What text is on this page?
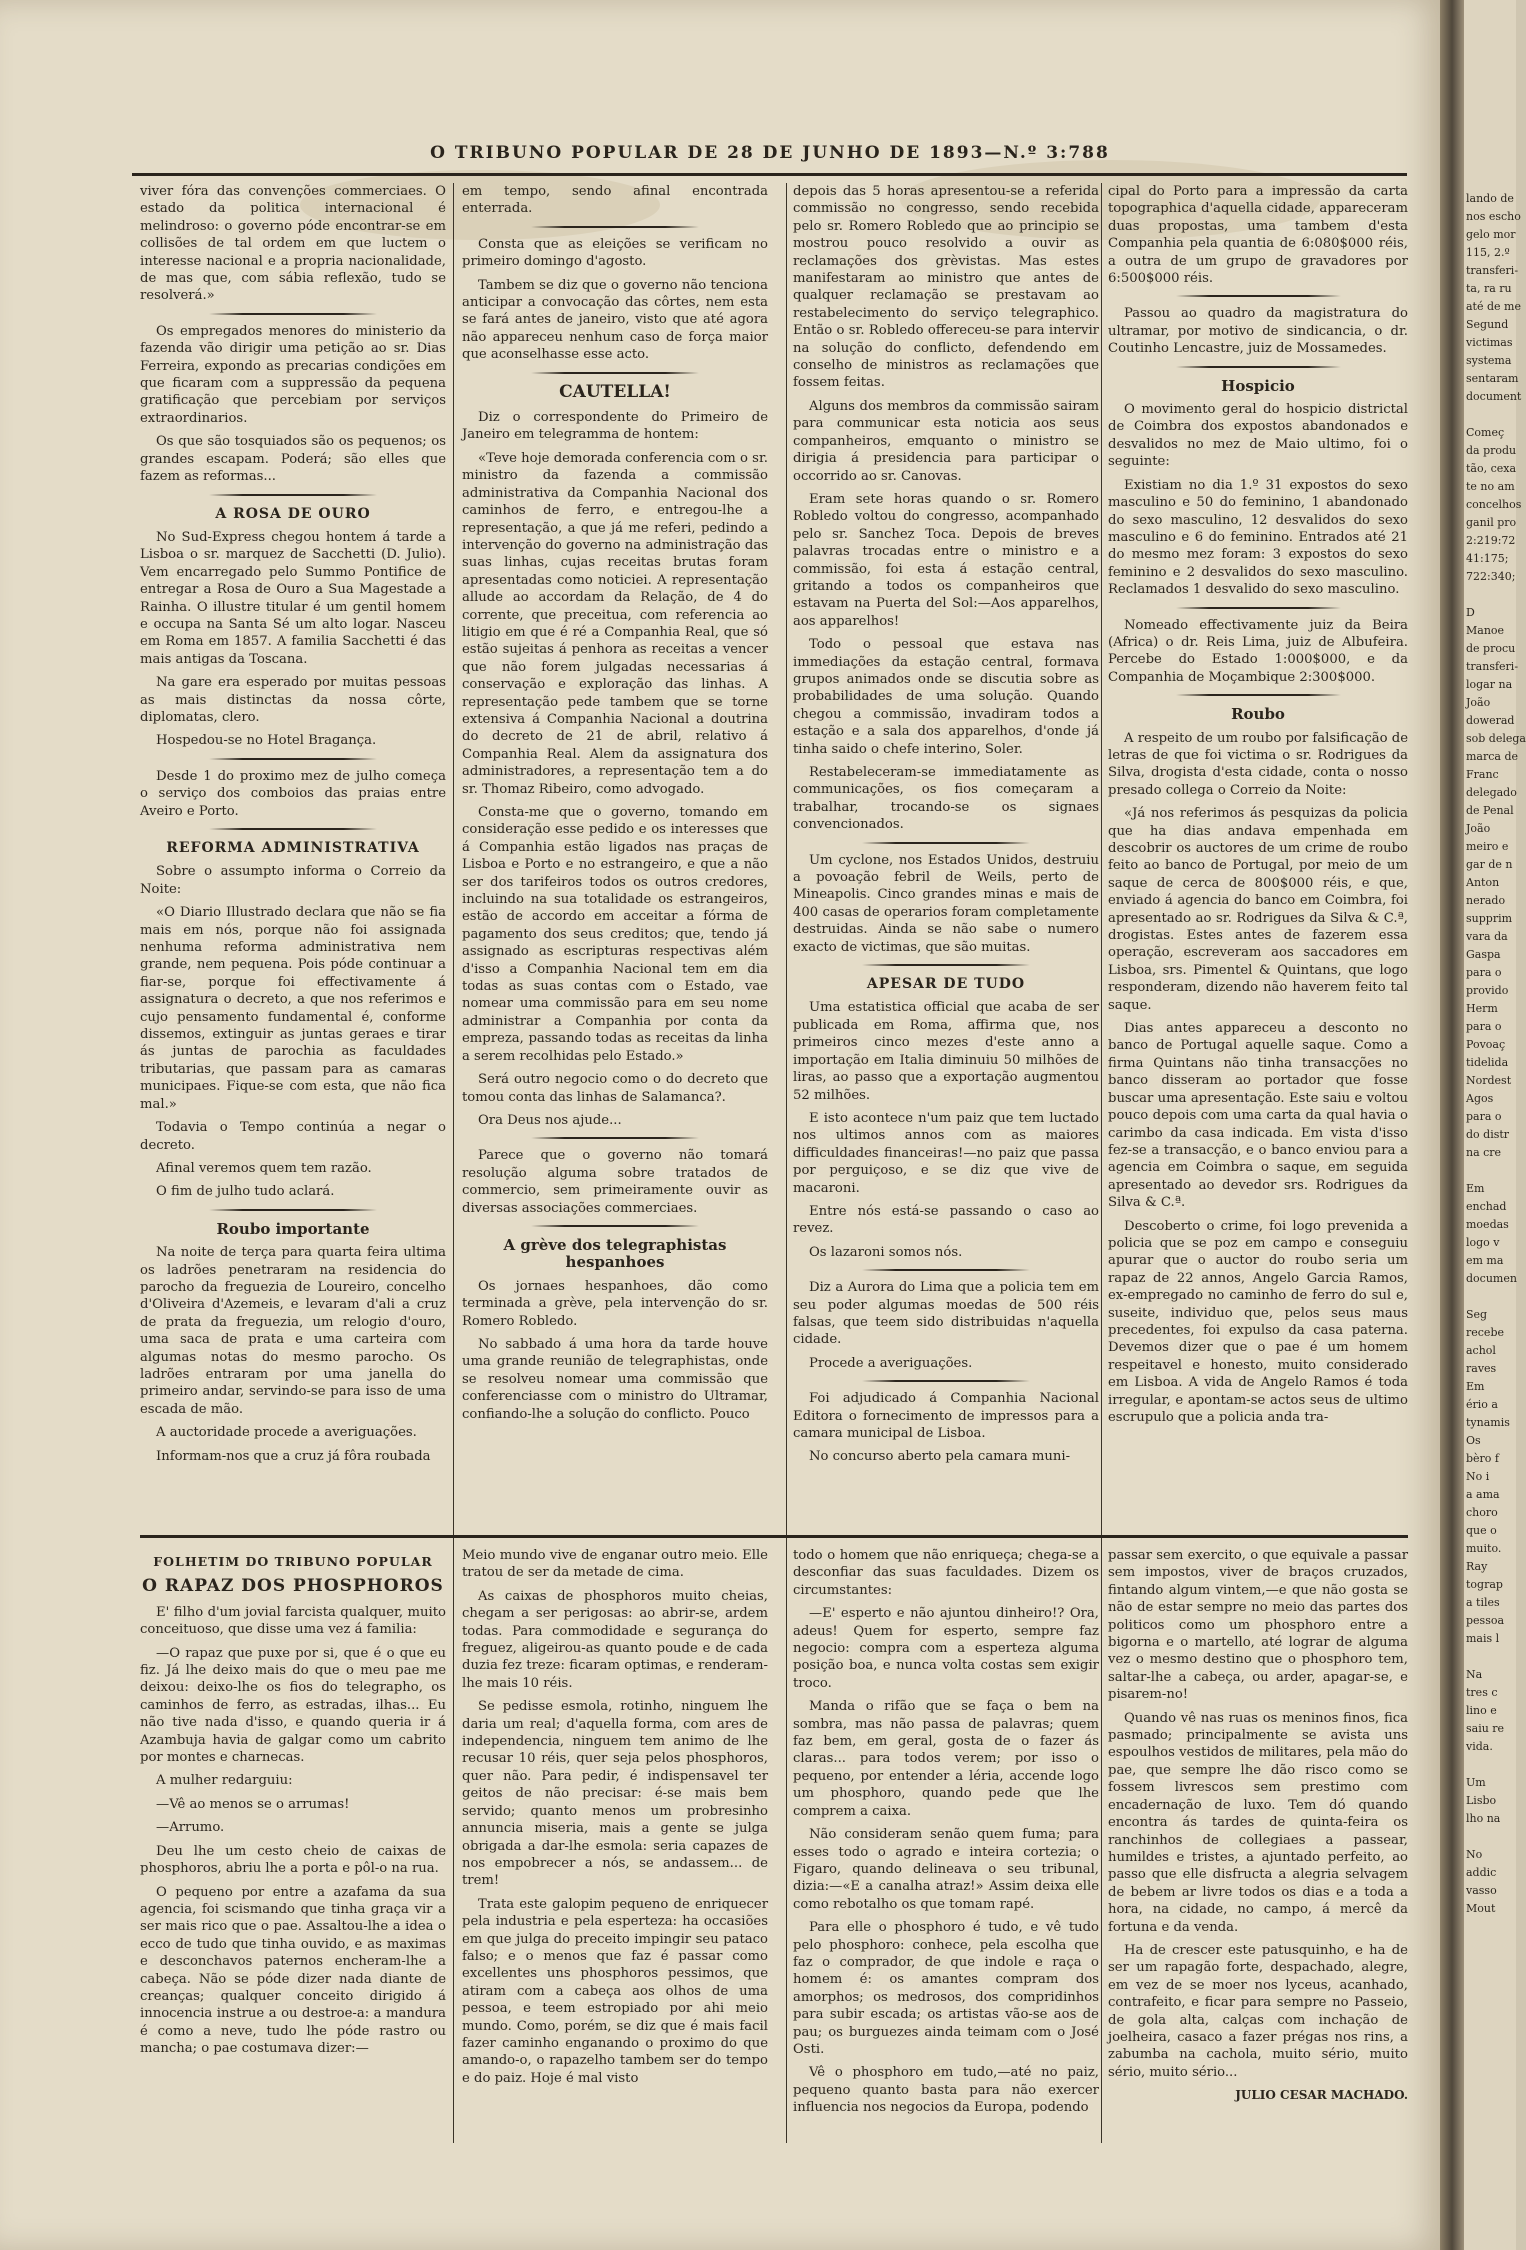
O TRIBUNO POPULAR DE 28 DE JUNHO DE 1893—N.º 3:788

viver fóra das convenções commerciaes. O estado da politica internacional é melindroso: o governo póde encontrar-se em collisões de tal ordem em que luctem o interesse nacional e a propria nacionalidade, de mas que, com sábia reflexão, tudo se resolverá.»

Os empregados menores do ministerio da fazenda vão dirigir uma petição ao sr. Dias Ferreira, expondo as precarias condições em que ficaram com a suppressão da pequena gratificação que percebiam por serviços extraordinarios.

Os que são tosquiados são os pequenos; os grandes escapam. Poderá; são elles que fazem as reformas...

A ROSA DE OURO

No Sud-Express chegou hontem á tarde a Lisboa o sr. marquez de Sacchetti (D. Julio). Vem encarregado pelo Summo Pontifice de entregar a Rosa de Ouro a Sua Magestade a Rainha. O illustre titular é um gentil homem e occupa na Santa Sé um alto logar. Nasceu em Roma em 1857. A familia Sacchetti é das mais antigas da Toscana.

Na gare era esperado por muitas pessoas as mais distinctas da nossa côrte, diplomatas, clero.

Hospedou-se no Hotel Bragança.

Desde 1 do proximo mez de julho começa o serviço dos comboios das praias entre Aveiro e Porto.

REFORMA ADMINISTRATIVA

Sobre o assumpto informa o Correio da Noite:

«O Diario Illustrado declara que não se fia mais em nós, porque não foi assignada nenhuma reforma administrativa nem grande, nem pequena. Pois póde continuar a fiar-se, porque foi effectivamente á assignatura o decreto, a que nos referimos e cujo pensamento fundamental é, conforme dissemos, extinguir as juntas geraes e tirar ás juntas de parochia as faculdades tributarias, que passam para as camaras municipaes. Fique-se com esta, que não fica mal.»

Todavia o Tempo continúa a negar o decreto.

Afinal veremos quem tem razão.

O fim de julho tudo aclará.

Roubo importante

Na noite de terça para quarta feira ultima os ladrões penetraram na residencia do parocho da freguezia de Loureiro, concelho d'Oliveira d'Azemeis, e levaram d'ali a cruz de prata da freguezia, um relogio d'ouro, uma saca de prata e uma carteira com algumas notas do mesmo parocho. Os ladrões entraram por uma janella do primeiro andar, servindo-se para isso de uma escada de mão.

A auctoridade procede a averiguações.

Informam-nos que a cruz já fôra roubada

em tempo, sendo afinal encontrada enterrada.

Consta que as eleições se verificam no primeiro domingo d'agosto.

Tambem se diz que o governo não tenciona anticipar a convocação das côrtes, nem esta se fará antes de janeiro, visto que até agora não appareceu nenhum caso de força maior que aconselhasse esse acto.

CAUTELLA!

Diz o correspondente do Primeiro de Janeiro em telegramma de hontem:

«Teve hoje demorada conferencia com o sr. ministro da fazenda a commissão administrativa da Companhia Nacional dos caminhos de ferro, e entregou-lhe a representação, a que já me referi, pedindo a intervenção do governo na administração das suas linhas, cujas receitas brutas foram apresentadas como noticiei. A representação allude ao accordam da Relação, de 4 do corrente, que preceitua, com referencia ao litigio em que é ré a Companhia Real, que só estão sujeitas á penhora as receitas a vencer que não forem julgadas necessarias á conservação e exploração das linhas. A representação pede tambem que se torne extensiva á Companhia Nacional a doutrina do decreto de 21 de abril, relativo á Companhia Real. Alem da assignatura dos administradores, a representação tem a do sr. Thomaz Ribeiro, como advogado.

Consta-me que o governo, tomando em consideração esse pedido e os interesses que á Companhia estão ligados nas praças de Lisboa e Porto e no estrangeiro, e que a não ser dos tarifeiros todos os outros credores, incluindo na sua totalidade os estrangeiros, estão de accordo em acceitar a fórma de pagamento dos seus creditos; que, tendo já assignado as escripturas respectivas além d'isso a Companhia Nacional tem em dia todas as suas contas com o Estado, vae nomear uma commissão para em seu nome administrar a Companhia por conta da empreza, passando todas as receitas da linha a serem recolhidas pelo Estado.»

Será outro negocio como o do decreto que tomou conta das linhas de Salamanca?.

Ora Deus nos ajude...

Parece que o governo não tomará resolução alguma sobre tratados de commercio, sem primeiramente ouvir as diversas associações commerciaes.

A grève dos telegraphistas hespanhoes

Os jornaes hespanhoes, dão como terminada a grève, pela intervenção do sr. Romero Robledo.

No sabbado á uma hora da tarde houve uma grande reunião de telegraphistas, onde se resolveu nomear uma commissão que conferenciasse com o ministro do Ultramar, confiando-lhe a solução do conflicto. Pouco

depois das 5 horas apresentou-se a referida commissão no congresso, sendo recebida pelo sr. Romero Robledo que ao principio se mostrou pouco resolvido a ouvir as reclamações dos grèvistas. Mas estes manifestaram ao ministro que antes de qualquer reclamação se prestavam ao restabelecimento do serviço telegraphico. Então o sr. Robledo offereceu-se para intervir na solução do conflicto, defendendo em conselho de ministros as reclamações que fossem feitas.

Alguns dos membros da commissão sairam para communicar esta noticia aos seus companheiros, emquanto o ministro se dirigia á presidencia para participar o occorrido ao sr. Canovas.

Eram sete horas quando o sr. Romero Robledo voltou do congresso, acompanhado pelo sr. Sanchez Toca. Depois de breves palavras trocadas entre o ministro e a commissão, foi esta á estação central, gritando a todos os companheiros que estavam na Puerta del Sol:—Aos apparelhos, aos apparelhos!

Todo o pessoal que estava nas immediações da estação central, formava grupos animados onde se discutia sobre as probabilidades de uma solução. Quando chegou a commissão, invadiram todos a estação e a sala dos apparelhos, d'onde já tinha saido o chefe interino, Soler.

Restabeleceram-se immediatamente as communicações, os fios começaram a trabalhar, trocando-se os signaes convencionados.

Um cyclone, nos Estados Unidos, destruiu a povoação febril de Weils, perto de Mineapolis. Cinco grandes minas e mais de 400 casas de operarios foram completamente destruidas. Ainda se não sabe o numero exacto de victimas, que são muitas.

APESAR DE TUDO

Uma estatistica official que acaba de ser publicada em Roma, affirma que, nos primeiros cinco mezes d'este anno a importação em Italia diminuiu 50 milhões de liras, ao passo que a exportação augmentou 52 milhões.

E isto acontece n'um paiz que tem luctado nos ultimos annos com as maiores difficuldades financeiras!—no paiz que passa por perguiçoso, e se diz que vive de macaroni.

Entre nós está-se passando o caso ao revez.

Os lazaroni somos nós.

Diz a Aurora do Lima que a policia tem em seu poder algumas moedas de 500 réis falsas, que teem sido distribuidas n'aquella cidade.

Procede a averiguações.

Foi adjudicado á Companhia Nacional Editora o fornecimento de impressos para a camara municipal de Lisboa.

No concurso aberto pela camara muni-

cipal do Porto para a impressão da carta topographica d'aquella cidade, appareceram duas propostas, uma tambem d'esta Companhia pela quantia de 6:080$000 réis, a outra de um grupo de gravadores por 6:500$000 réis.

Passou ao quadro da magistratura do ultramar, por motivo de sindicancia, o dr. Coutinho Lencastre, juiz de Mossamedes.

Hospicio

O movimento geral do hospicio districtal de Coimbra dos expostos abandonados e desvalidos no mez de Maio ultimo, foi o seguinte:

Existiam no dia 1.º 31 expostos do sexo masculino e 50 do feminino, 1 abandonado do sexo masculino, 12 desvalidos do sexo masculino e 6 do feminino. Entrados até 21 do mesmo mez foram: 3 expostos do sexo feminino e 2 desvalidos do sexo masculino. Reclamados 1 desvalido do sexo masculino.

Nomeado effectivamente juiz da Beira (Africa) o dr. Reis Lima, juiz de Albufeira. Percebe do Estado 1:000$000, e da Companhia de Moçambique 2:300$000.

Roubo

A respeito de um roubo por falsificação de letras de que foi victima o sr. Rodrigues da Silva, drogista d'esta cidade, conta o nosso presado collega o Correio da Noite:

«Já nos referimos ás pesquizas da policia que ha dias andava empenhada em descobrir os auctores de um crime de roubo feito ao banco de Portugal, por meio de um saque de cerca de 800$000 réis, e que, enviado á agencia do banco em Coimbra, foi apresentado ao sr. Rodrigues da Silva & C.ª, drogistas. Estes antes de fazerem essa operação, escreveram aos saccadores em Lisboa, srs. Pimentel & Quintans, que logo responderam, dizendo não haverem feito tal saque.

Dias antes appareceu a desconto no banco de Portugal aquelle saque. Como a firma Quintans não tinha transacções no banco disseram ao portador que fosse buscar uma apresentação. Este saiu e voltou pouco depois com uma carta da qual havia o carimbo da casa indicada. Em vista d'isso fez-se a transacção, e o banco enviou para a agencia em Coimbra o saque, em seguida apresentado ao devedor srs. Rodrigues da Silva & C.ª.

Descoberto o crime, foi logo prevenida a policia que se poz em campo e conseguiu apurar que o auctor do roubo seria um rapaz de 22 annos, Angelo Garcia Ramos, ex-empregado no caminho de ferro do sul e, suseite, individuo que, pelos seus maus precedentes, foi expulso da casa paterna. Devemos dizer que o pae é um homem respeitavel e honesto, muito considerado em Lisboa. A vida de Angelo Ramos é toda irregular, e apontam-se actos seus de ultimo escrupulo que a policia anda tra-

FOLHETIM DO TRIBUNO POPULAR
O RAPAZ DOS PHOSPHOROS

E' filho d'um jovial farcista qualquer, muito conceituoso, que disse uma vez á familia:

—O rapaz que puxe por si, que é o que eu fiz. Já lhe deixo mais do que o meu pae me deixou: deixo-lhe os fios do telegrapho, os caminhos de ferro, as estradas, ilhas... Eu não tive nada d'isso, e quando queria ir á Azambuja havia de galgar como um cabrito por montes e charnecas.

A mulher redarguiu:

—Vê ao menos se o arrumas!

—Arrumo.

Deu lhe um cesto cheio de caixas de phosphoros, abriu lhe a porta e pôl-o na rua.

O pequeno por entre a azafama da sua agencia, foi scismando que tinha graça vir a ser mais rico que o pae. Assaltou-lhe a idea o ecco de tudo que tinha ouvido, e as maximas e desconchavos paternos encheram-lhe a cabeça. Não se póde dizer nada diante de creanças; qualquer conceito dirigido á innocencia instrue a ou destroe-a: a mandura é como a neve, tudo lhe póde rastro ou mancha; o pae costumava dizer:—

Meio mundo vive de enganar outro meio. Elle tratou de ser da metade de cima.

As caixas de phosphoros muito cheias, chegam a ser perigosas: ao abrir-se, ardem todas. Para commodidade e segurança do freguez, aligeirou-as quanto poude e de cada duzia fez treze: ficaram optimas, e renderam-lhe mais 10 réis.

Se pedisse esmola, rotinho, ninguem lhe daria um real; d'aquella forma, com ares de independencia, ninguem tem animo de lhe recusar 10 réis, quer seja pelos phosphoros, quer não. Para pedir, é indispensavel ter geitos de não precisar: é-se mais bem servido; quanto menos um probresinho annuncia miseria, mais a gente se julga obrigada a dar-lhe esmola: seria capazes de nos empobrecer a nós, se andassem... de trem!

Trata este galopim pequeno de enriquecer pela industria e pela esperteza: ha occasiões em que julga do preceito impingir seu pataco falso; e o menos que faz é passar como excellentes uns phosphoros pessimos, que atiram com a cabeça aos olhos de uma pessoa, e teem estropiado por ahi meio mundo. Como, porém, se diz que é mais facil fazer caminho enganando o proximo do que amando-o, o rapazelho tambem ser do tempo e do paiz. Hoje é mal visto

todo o homem que não enriqueça; chega-se a desconfiar das suas faculdades. Dizem os circumstantes:

—E' esperto e não ajuntou dinheiro!? Ora, adeus! Quem for esperto, sempre faz negocio: compra com a esperteza alguma posição boa, e nunca volta costas sem exigir troco.

Manda o rifão que se faça o bem na sombra, mas não passa de palavras; quem faz bem, em geral, gosta de o fazer ás claras... para todos verem; por isso o pequeno, por entender a léria, accende logo um phosphoro, quando pede que lhe comprem a caixa.

Não consideram senão quem fuma; para esses todo o agrado e inteira cortezia; o Figaro, quando delineava o seu tribunal, dizia:—«E a canalha atraz!» Assim deixa elle como rebotalho os que tomam rapé.

Para elle o phosphoro é tudo, e vê tudo pelo phosphoro: conhece, pela escolha que faz o comprador, de que indole e raça o homem é: os amantes compram dos amorphos; os medrosos, dos compridinhos para subir escada; os artistas vão-se aos de pau; os burguezes ainda teimam com o José Osti.

Vê o phosphoro em tudo,—até no paiz, pequeno quanto basta para não exercer influencia nos negocios da Europa, podendo

passar sem exercito, o que equivale a passar sem impostos, viver de braços cruzados, fintando algum vintem,—e que não gosta se não de estar sempre no meio das partes dos politicos como um phosphoro entre a bigorna e o martello, até lograr de alguma vez o mesmo destino que o phosphoro tem, saltar-lhe a cabeça, ou arder, apagar-se, e pisarem-no!

Quando vê nas ruas os meninos finos, fica pasmado; principalmente se avista uns espoulhos vestidos de militares, pela mão do pae, que sempre lhe dão risco como se fossem livrescos sem prestimo com encadernação de luxo. Tem dó quando encontra ás tardes de quinta-feira os ranchinhos de collegiaes a passear, humildes e tristes, a ajuntado perfeito, ao passo que elle disfructa a alegria selvagem de bebem ar livre todos os dias e a toda a hora, na cidade, no campo, á mercê da fortuna e da venda.

Ha de crescer este patusquinho, e ha de ser um rapagão forte, despachado, alegre, em vez de se moer nos lyceus, acanhado, contrafeito, e ficar para sempre no Passeio, de gola alta, calças com inchação de joelheira, casaco a fazer prégas nos rins, a zabumba na cachola, muito sério, muito sério, muito sério...

JULIO CESAR MACHADO.
lando de
nos escho
gelo mor
115, 2.º
transferi-
ta, ra ru
até de me
Segund
victimas
systema
sentaram
document

Começ
da produ
tão, cexa
te no am
concelhos
ganil pro
2:219:72
41:175;
722:340;

D
Manoe
de procu
transferi-
logar na
João
dowerad
sob delega
marca de
Franc
delegado
de Penal
João
meiro e
gar de n
Anton
nerado
supprim
vara da
Gaspa
para o
provido
Herm
para o
Povoaç
tidelida
Nordest
Agos
para o
do distr
na cre

Em
enchad
moedas
logo v
em ma
documen

Seg
recebe
achol
raves
Em
ério a
tynamis
Os
bèro f
No i
a ama
choro
que o
muito.
Ray
tograp
a tiles
pessoa
mais l

Na
tres c
lino e
saiu re
vida.

Um
Lisbo
lho na

No
addic
vasso
Mout
